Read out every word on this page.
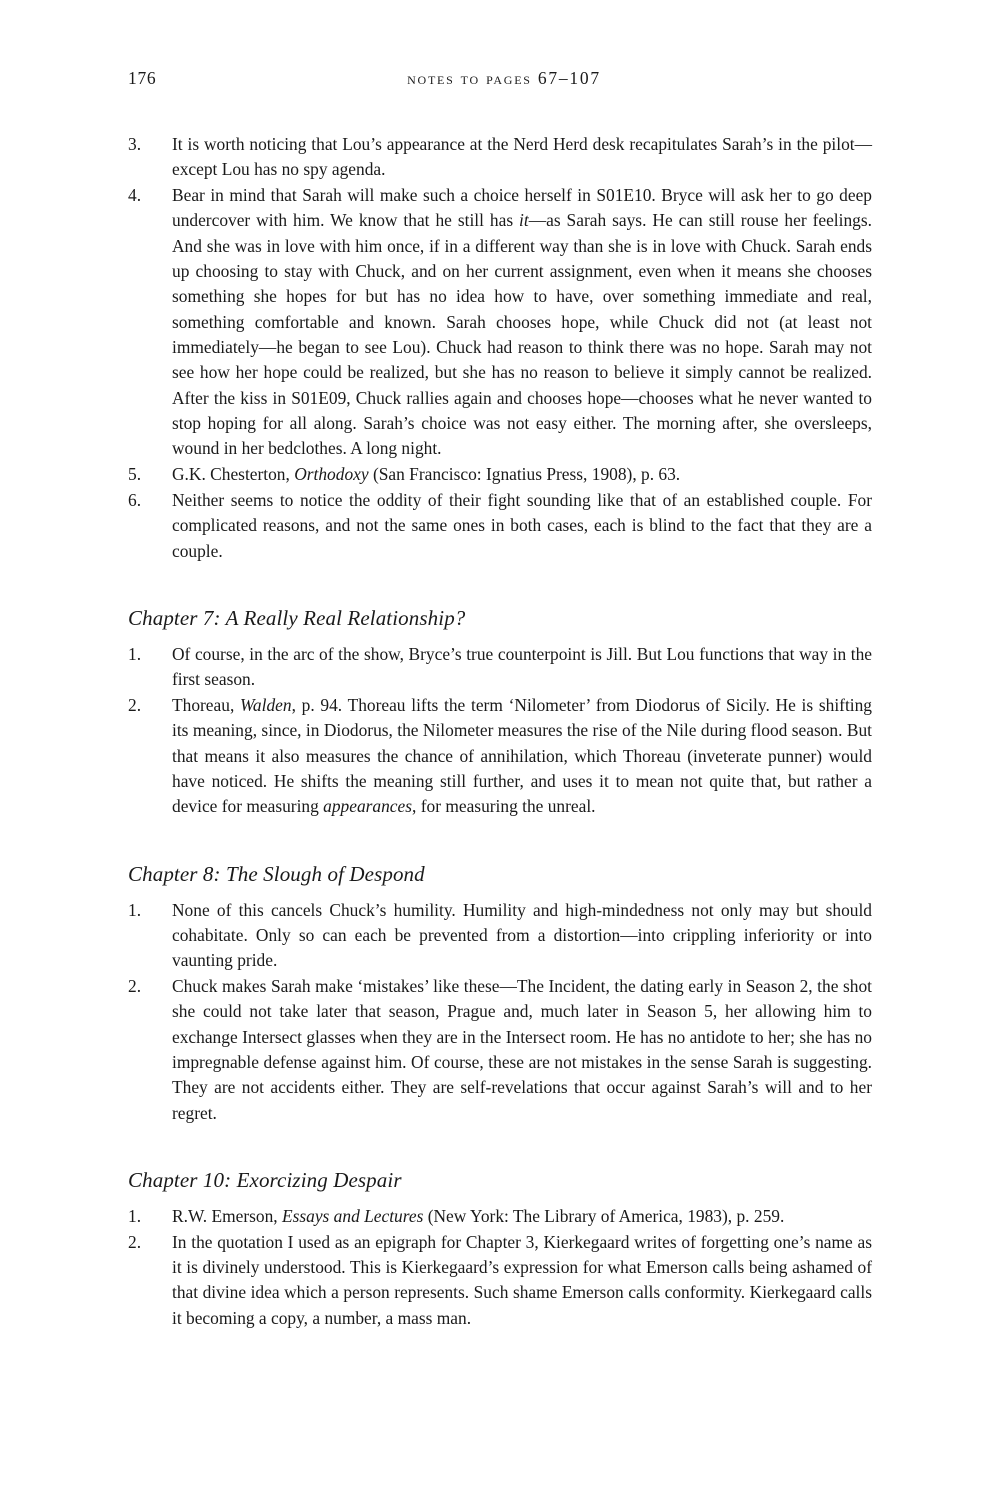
176	notes to pages 67–107
3.	It is worth noticing that Lou’s appearance at the Nerd Herd desk recapitulates Sarah’s in the pilot—except Lou has no spy agenda.
4.	Bear in mind that Sarah will make such a choice herself in S01E10. Bryce will ask her to go deep undercover with him. We know that he still has it—as Sarah says. He can still rouse her feelings. And she was in love with him once, if in a different way than she is in love with Chuck. Sarah ends up choosing to stay with Chuck, and on her current assignment, even when it means she chooses something she hopes for but has no idea how to have, over something immediate and real, something comfortable and known. Sarah chooses hope, while Chuck did not (at least not immediately—he began to see Lou). Chuck had reason to think there was no hope. Sarah may not see how her hope could be realized, but she has no reason to believe it simply cannot be realized. After the kiss in S01E09, Chuck rallies again and chooses hope—chooses what he never wanted to stop hoping for all along. Sarah’s choice was not easy either. The morning after, she oversleeps, wound in her bedclothes. A long night.
5.	G.K. Chesterton, Orthodoxy (San Francisco: Ignatius Press, 1908), p. 63.
6.	Neither seems to notice the oddity of their fight sounding like that of an established couple. For complicated reasons, and not the same ones in both cases, each is blind to the fact that they are a couple.
Chapter 7: A Really Real Relationship?
1.	Of course, in the arc of the show, Bryce’s true counterpoint is Jill. But Lou functions that way in the first season.
2.	Thoreau, Walden, p. 94. Thoreau lifts the term ‘Nilometer’ from Diodorus of Sicily. He is shifting its meaning, since, in Diodorus, the Nilometer measures the rise of the Nile during flood season. But that means it also measures the chance of annihilation, which Thoreau (inveterate punner) would have noticed. He shifts the meaning still further, and uses it to mean not quite that, but rather a device for measuring appearances, for measuring the unreal.
Chapter 8: The Slough of Despond
1.	None of this cancels Chuck’s humility. Humility and high-mindedness not only may but should cohabitate. Only so can each be prevented from a distortion—into crippling inferiority or into vaunting pride.
2.	Chuck makes Sarah make ‘mistakes’ like these—The Incident, the dating early in Season 2, the shot she could not take later that season, Prague and, much later in Season 5, her allowing him to exchange Intersect glasses when they are in the Intersect room. He has no antidote to her; she has no impregnable defense against him. Of course, these are not mistakes in the sense Sarah is suggesting. They are not accidents either. They are self-revelations that occur against Sarah’s will and to her regret.
Chapter 10: Exorcizing Despair
1.	R.W. Emerson, Essays and Lectures (New York: The Library of America, 1983), p. 259.
2.	In the quotation I used as an epigraph for Chapter 3, Kierkegaard writes of forgetting one’s name as it is divinely understood. This is Kierkegaard’s expression for what Emerson calls being ashamed of that divine idea which a person represents. Such shame Emerson calls conformity. Kierkegaard calls it becoming a copy, a number, a mass man.
